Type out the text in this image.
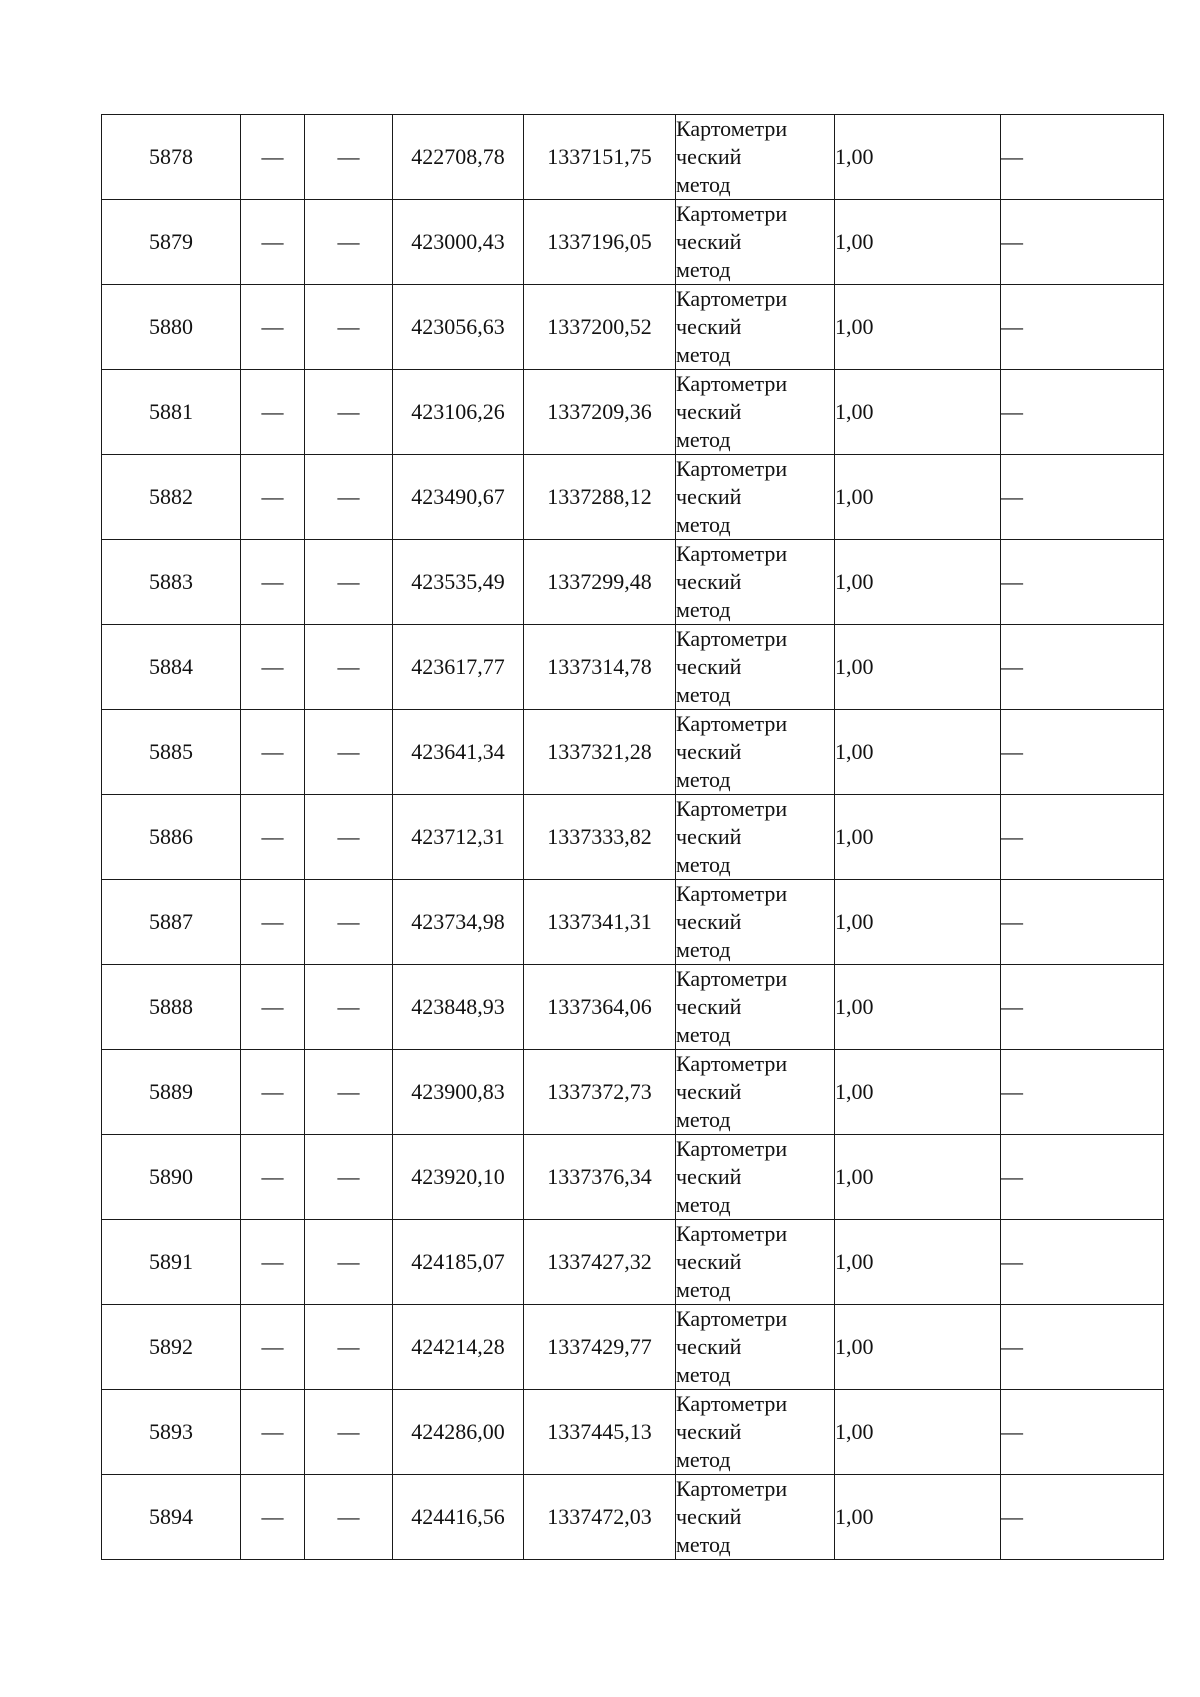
5878	—	—	422708,78	1337151,75	Картометри
ческий
метод	1,00	—
5879	—	—	423000,43	1337196,05	Картометри
ческий
метод	1,00	—
5880	—	—	423056,63	1337200,52	Картометри
ческий
метод	1,00	—
5881	—	—	423106,26	1337209,36	Картометри
ческий
метод	1,00	—
5882	—	—	423490,67	1337288,12	Картометри
ческий
метод	1,00	—
5883	—	—	423535,49	1337299,48	Картометри
ческий
метод	1,00	—
5884	—	—	423617,77	1337314,78	Картометри
ческий
метод	1,00	—
5885	—	—	423641,34	1337321,28	Картометри
ческий
метод	1,00	—
5886	—	—	423712,31	1337333,82	Картометри
ческий
метод	1,00	—
5887	—	—	423734,98	1337341,31	Картометри
ческий
метод	1,00	—
5888	—	—	423848,93	1337364,06	Картометри
ческий
метод	1,00	—
5889	—	—	423900,83	1337372,73	Картометри
ческий
метод	1,00	—
5890	—	—	423920,10	1337376,34	Картометри
ческий
метод	1,00	—
5891	—	—	424185,07	1337427,32	Картометри
ческий
метод	1,00	—
5892	—	—	424214,28	1337429,77	Картометри
ческий
метод	1,00	—
5893	—	—	424286,00	1337445,13	Картометри
ческий
метод	1,00	—
5894	—	—	424416,56	1337472,03	Картометри
ческий
метод	1,00	—
